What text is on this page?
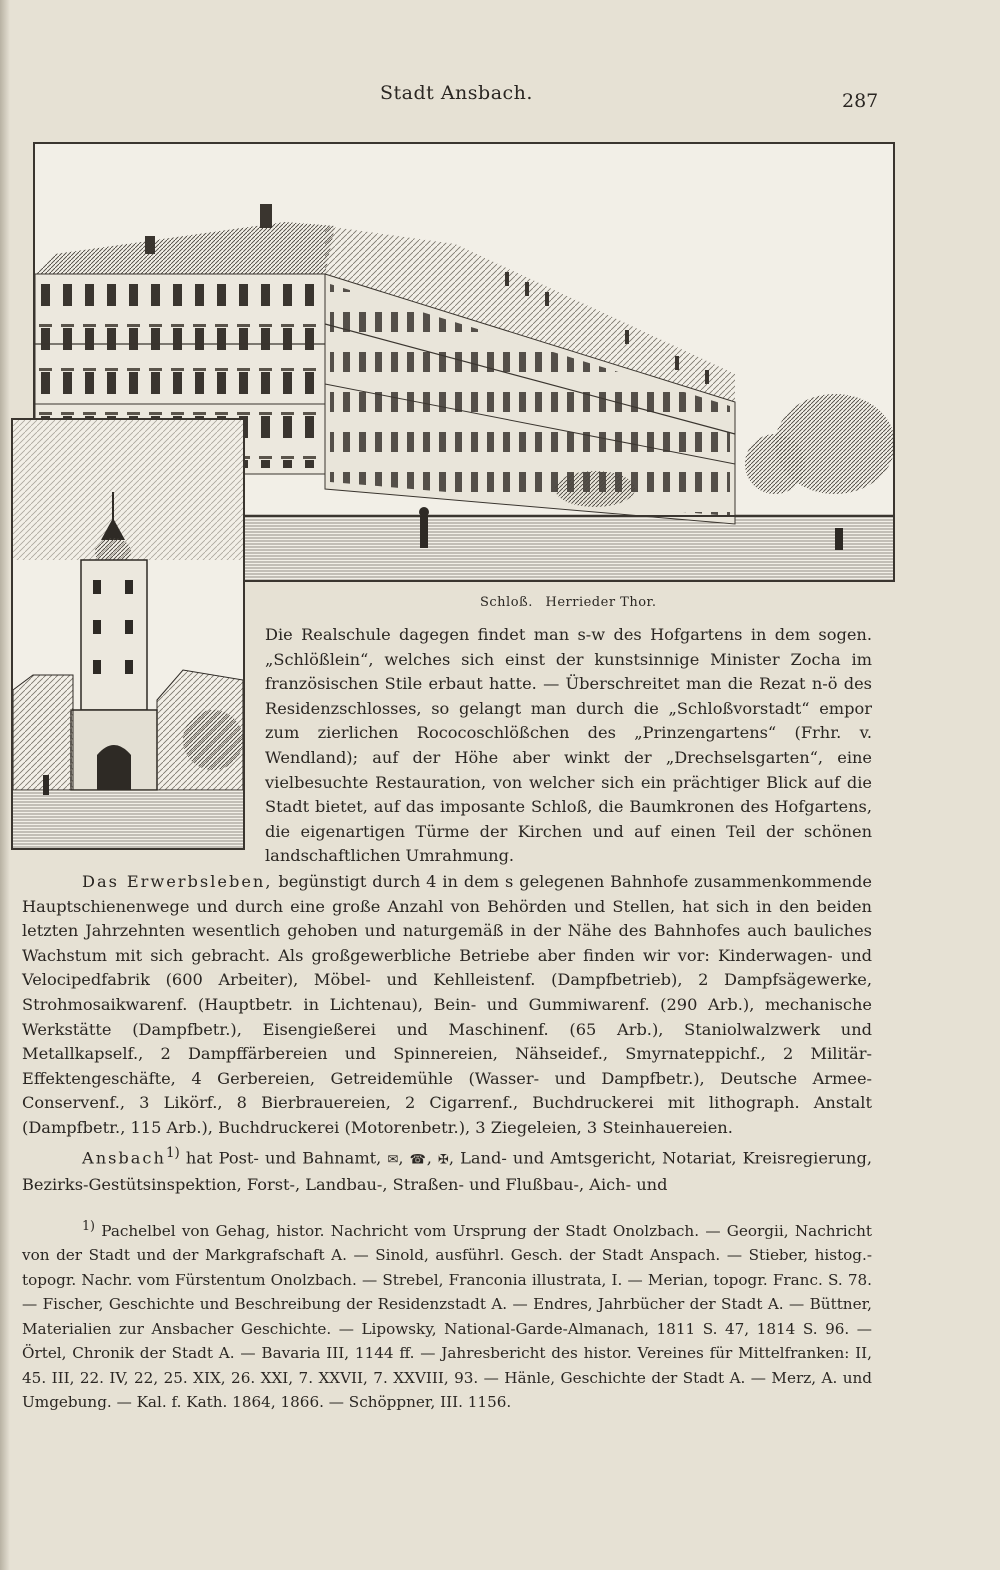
Stadt Ansbach.	287
Schloß. Herrieder Thor.
Die Realschule dagegen findet man s-w des Hofgartens in dem sogen. „Schlößlein“, welches sich einst der kunstsinnige Minister Zocha im französischen Stile erbaut hatte. — Überschreitet man die Rezat n-ö des Residenzschlosses, so gelangt man durch die „Schloßvorstadt“ empor zum zierlichen Rococoschlößchen des „Prinzengartens“ (Frhr. v. Wendland); auf der Höhe aber winkt der „Drechselsgarten“, eine vielbesuchte Restauration, von welcher sich ein prächtiger Blick auf die Stadt bietet, auf das imposante Schloß, die Baumkronen des Hofgartens, die eigenartigen Türme der Kirchen und auf einen Teil der schönen landschaftlichen Umrahmung.
Das Erwerbsleben, begünstigt durch 4 in dem s gelegenen Bahnhofe zusammenkommende Hauptschienenwege und durch eine große Anzahl von Behörden und Stellen, hat sich in den beiden letzten Jahrzehnten wesentlich gehoben und naturgemäß in der Nähe des Bahnhofes auch bauliches Wachstum mit sich gebracht. Als großgewerbliche Betriebe aber finden wir vor: Kinderwagen- und Velocipedfabrik (600 Arbeiter), Möbel- und Kehlleistenf. (Dampfbetrieb), 2 Dampfsägewerke, Strohmosaikwarenf. (Hauptbetr. in Lichtenau), Bein- und Gummiwarenf. (290 Arb.), mechanische Werkstätte (Dampfbetr.), Eisengießerei und Maschinenf. (65 Arb.), Staniolwalzwerk und Metallkapself., 2 Dampffärbereien und Spinnereien, Nähseidef., Smyrnateppichf., 2 Militär-Effektengeschäfte, 4 Gerbereien, Getreidemühle (Wasser- und Dampfbetr.), Deutsche Armee-Conservenf., 3 Likörf., 8 Bierbrauereien, 2 Cigarrenf., Buchdruckerei mit lithograph. Anstalt (Dampfbetr., 115 Arb.), Buchdruckerei (Motorenbetr.), 3 Ziegeleien, 3 Steinhauereien.
Ansbach$^{1)}$ hat Post- und Bahnamt, ✉, ☎, ✠, Land- und Amtsgericht, Notariat, Kreisregierung, Bezirks-Gestütsinspektion, Forst-, Landbau-, Straßen- und Flußbau-, Aich- und
$^{1)}$ Pachelbel von Gehag, histor. Nachricht vom Ursprung der Stadt Onolzbach. — Georgii, Nachricht von der Stadt und der Markgrafschaft A. — Sinold, ausführl. Gesch. der Stadt Anspach. — Stieber, histog.-topogr. Nachr. vom Fürstentum Onolzbach. — Strebel, Franconia illustrata, I. — Merian, topogr. Franc. S. 78. — Fischer, Geschichte und Beschreibung der Residenzstadt A. — Endres, Jahrbücher der Stadt A. — Büttner, Materialien zur Ansbacher Geschichte. — Lipowsky, National-Garde-Almanach, 1811 S. 47, 1814 S. 96. — Örtel, Chronik der Stadt A. — Bavaria III, 1144 ff. — Jahresbericht des histor. Vereines für Mittelfranken: II, 45. III, 22. IV, 22, 25. XIX, 26. XXI, 7. XXVII, 7. XXVIII, 93. — Hänle, Geschichte der Stadt A. — Merz, A. und Umgebung. — Kal. f. Kath. 1864, 1866. — Schöppner, III. 1156.
